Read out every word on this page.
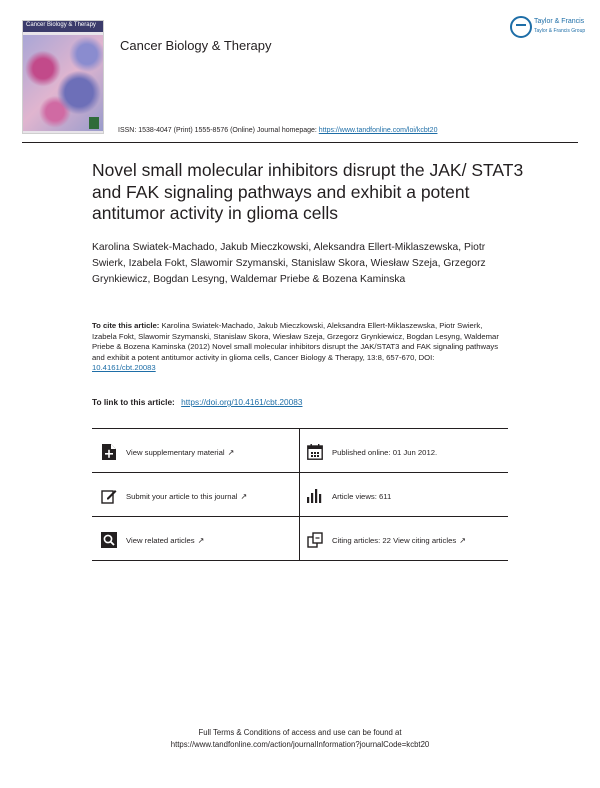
Cancer Biology & Therapy
Cancer Biology & Therapy
Taylor & Francis
Taylor & Francis Group
ISSN: 1538-4047 (Print) 1555-8576 (Online) Journal homepage: https://www.tandfonline.com/loi/kcbt20
Novel small molecular inhibitors disrupt the JAK/ STAT3 and FAK signaling pathways and exhibit a potent antitumor activity in glioma cells
Karolina Swiatek-Machado, Jakub Mieczkowski, Aleksandra Ellert-Miklaszewska, Piotr Swierk, Izabela Fokt, Slawomir Szymanski, Stanislaw Skora, Wiesław Szeja, Grzegorz Grynkiewicz, Bogdan Lesyng, Waldemar Priebe & Bozena Kaminska
To cite this article: Karolina Swiatek-Machado, Jakub Mieczkowski, Aleksandra Ellert-Miklaszewska, Piotr Swierk, Izabela Fokt, Slawomir Szymanski, Stanislaw Skora, Wiesław Szeja, Grzegorz Grynkiewicz, Bogdan Lesyng, Waldemar Priebe & Bozena Kaminska (2012) Novel small molecular inhibitors disrupt the JAK/STAT3 and FAK signaling pathways and exhibit a potent antitumor activity in glioma cells, Cancer Biology & Therapy, 13:8, 657-670, DOI: 10.4161/cbt.20083
To link to this article: https://doi.org/10.4161/cbt.20083
View supplementary material ↗	Published online: 01 Jun 2012.
Submit your article to this journal ↗	Article views: 611
View related articles ↗	Citing articles: 22 View citing articles ↗
Full Terms & Conditions of access and use can be found at
https://www.tandfonline.com/action/journalInformation?journalCode=kcbt20
